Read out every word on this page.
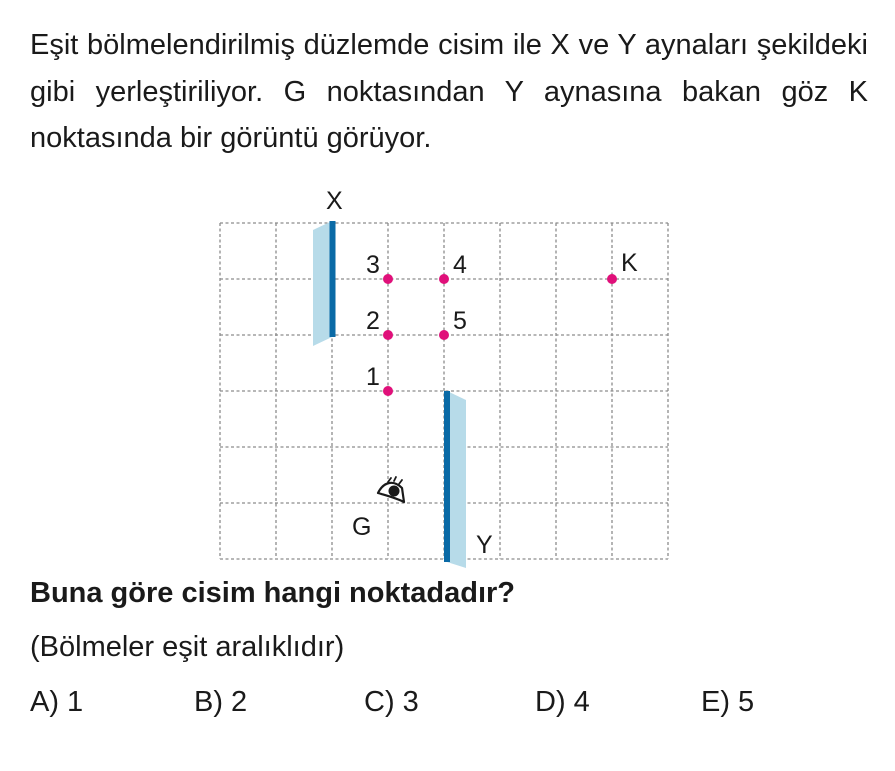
Eşit bölmelendirilmiş düzlemde cisim ile X ve Y aynaları şekildeki gibi yerleştiriliyor. G noktasından Y aynasına bakan göz K noktasında bir görüntü görüyor.

X
Y
3	4
2	5
1
K
G

Buna göre cisim hangi noktadadır?

(Bölmeler eşit aralıklıdır)

A) 1	B) 2	C) 3	D) 4	E) 5
